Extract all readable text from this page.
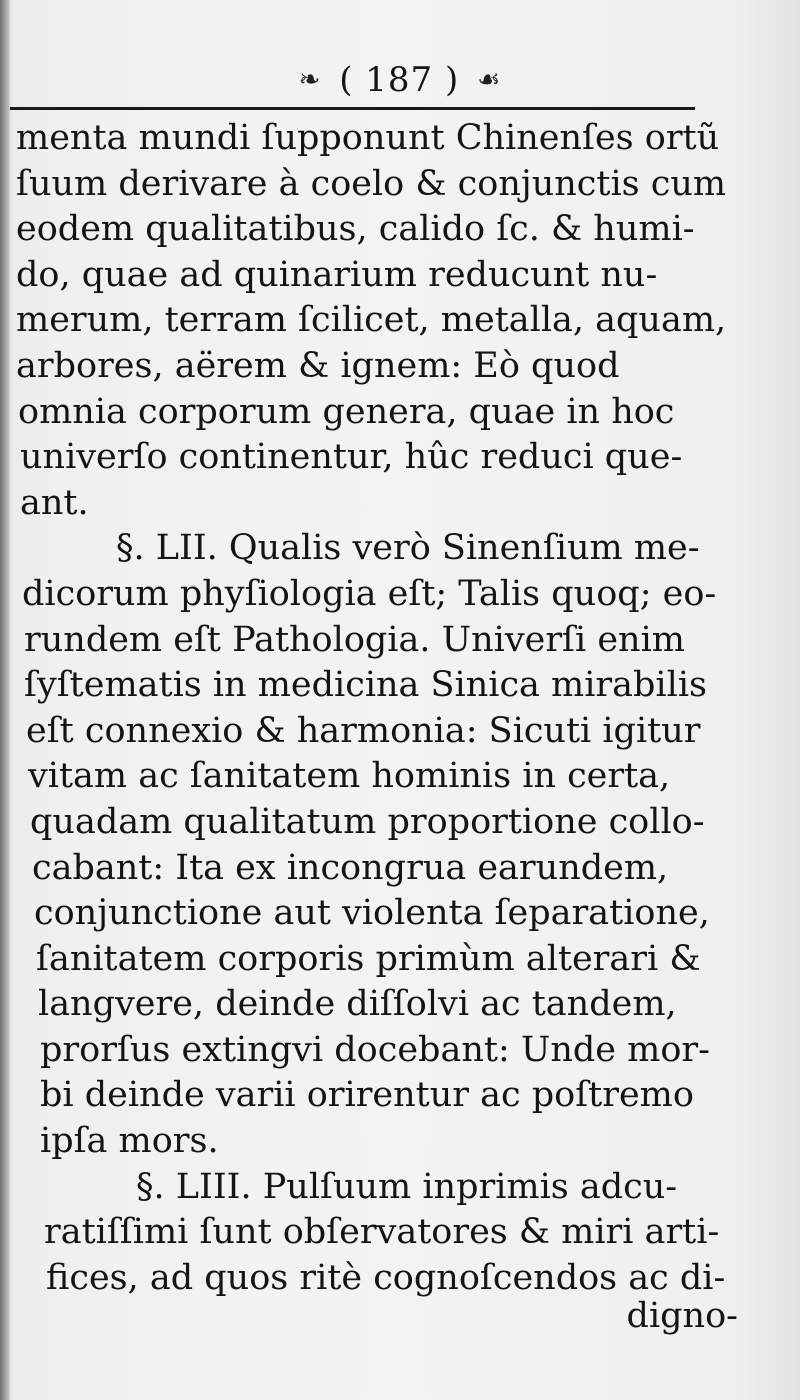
❧ ( 187 ) ☙
menta mundi ſupponunt Chinenſes ortũ
ſuum derivare à coelo & conjunctis cum
eodem qualitatibus, calido ſc. & humi-
do, quae ad quinarium reducunt nu-
merum, terram ſcilicet, metalla, aquam,
arbores, aërem & ignem: Eò quod
omnia corporum genera, quae in hoc
univerſo continentur, hûc reduci que-
ant.
§. LII. Qualis verò Sinenſium me-
dicorum phyſiologia eſt; Talis quoq; eo-
rundem eſt Pathologia. Univerſi enim
ſyſtematis in medicina Sinica mirabilis
eſt connexio & harmonia: Sicuti igitur
vitam ac ſanitatem hominis in certa,
quadam qualitatum proportione collo-
cabant: Ita ex incongrua earundem,
conjunctione aut violenta ſeparatione,
ſanitatem corporis primùm alterari &
langvere, deinde diſſolvi ac tandem,
prorſus extingvi docebant: Unde mor-
bi deinde varii orirentur ac poſtremo
ipſa mors.
§. LIII. Pulſuum inprimis adcu-
ratiſſimi ſunt obſervatores & miri arti-
fices, ad quos ritè cognoſcendos ac di-
digno-
